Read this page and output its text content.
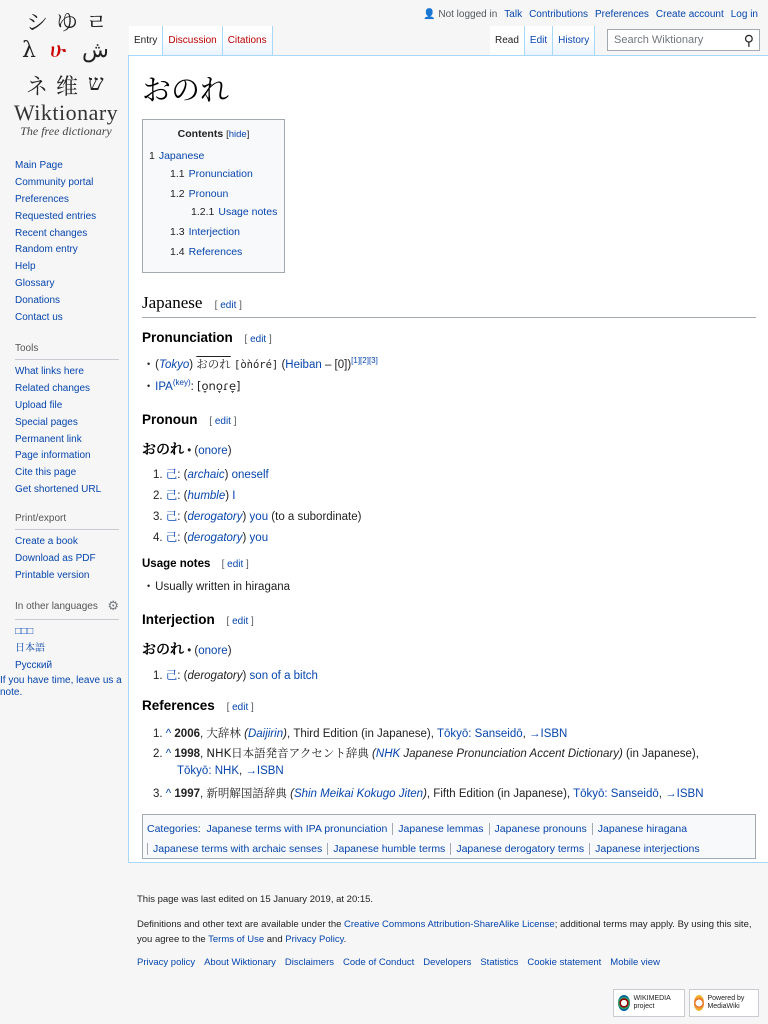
シ ゆ ㄹ
λ ሁ ش
ネ 维 ש
Wiktionary
The free dictionary
Main Page
Community portal
Preferences
Requested entries
Recent changes
Random entry
Help
Glossary
Donations
Contact us
Tools
What links here
Related changes
Upload file
Special pages
Permanent link
Page information
Cite this page
Get shortened URL
Print/export
Create a book
Download as PDF
Printable version
In other languages ⚙
□□□
日本語
Русский
If you have time, leave us a note.
👤 Not logged in Talk Contributions Preferences Create account Log in
Entry	Discussion	Citations	Read	Edit	History	Search Wiktionary	⚲
おのれ
Contents [hide]
1 Japanese
1.1 Pronunciation
1.2 Pronoun
1.2.1 Usage notes
1.3 Interjection
1.4 References
Japanese [ edit ]
Pronunciation [ edit ]
• (Tokyo) おのれ [òǹóré] (Heiban – [0])[1][2][3]
• $IPA^{(key)}$: [o̞no̞ɾe̞]
Pronoun [ edit ]
おのれ • (onore)
1. 己: (archaic) oneself
2. 己: (humble) I
3. 己: (derogatory) you (to a subordinate)
4. 己: (derogatory) you
Usage notes [ edit ]
• Usually written in hiragana
Interjection [ edit ]
おのれ • (onore)
1. 己: (derogatory) son of a bitch
References [ edit ]
1. ^ 2006, 大辞林 (Daijirin), Third Edition (in Japanese), Tōkyō: Sanseidō, →ISBN
2. ^ 1998, NHK日本語発音アクセント辞典 (NHK Japanese Pronunciation Accent Dictionary) (in Japanese),
Tōkyō: NHK, →ISBN
3. ^ 1997, 新明解国語辞典 (Shin Meikai Kokugo Jiten), Fifth Edition (in Japanese), Tōkyō: Sanseidō, →ISBN
Categories:  Japanese terms with IPA pronunciation Japanese lemmas Japanese pronouns Japanese hiragana
Japanese terms with archaic senses Japanese humble terms Japanese derogatory terms Japanese interjections

This page was last edited on 15 January 2019, at 20:15.

Definitions and other text are available under the Creative Commons Attribution-ShareAlike License; additional terms may apply. By using this site, you agree to the Terms of Use and Privacy Policy.

Privacy policy About Wiktionary Disclaimers Code of Conduct Developers Statistics Cookie statement Mobile view
WIKIMEDIA project
Powered by MediaWiki
